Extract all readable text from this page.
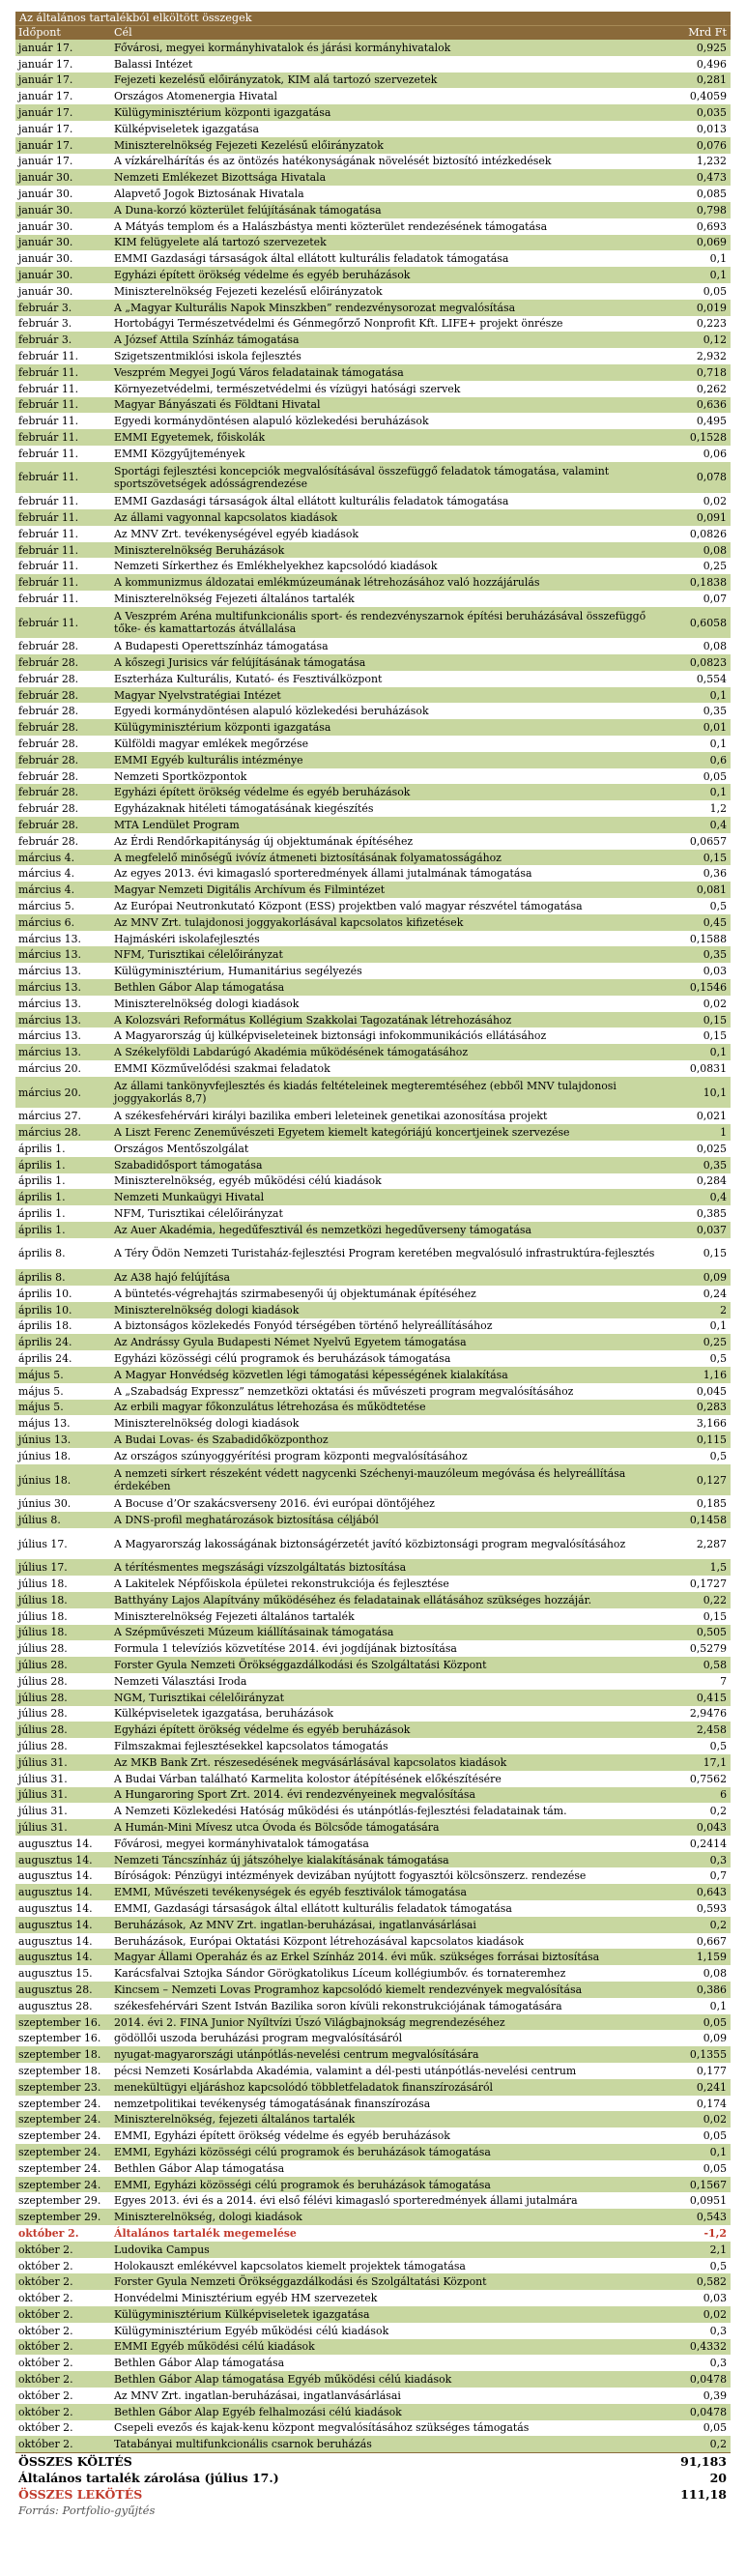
Az általános tartalékból elköltött összegek
Időpont	Cél	Mrd Ft
január 17.	Fővárosi, megyei kormányhivatalok és járási kormányhivatalok	0,925
január 17.	Balassi Intézet	0,496
január 17.	Fejezeti kezelésű előirányzatok, KIM alá tartozó szervezetek	0,281
január 17.	Országos Atomenergia Hivatal	0,4059
január 17.	Külügyminisztérium központi igazgatása	0,035
január 17.	Külképviseletek igazgatása	0,013
január 17.	Miniszterelnökség Fejezeti Kezelésű előirányzatok	0,076
január 17.	A vízkárelhárítás és az öntözés hatékonyságának növelését biztosító intézkedések	1,232
január 30.	Nemzeti Emlékezet Bizottsága Hivatala	0,473
január 30.	Alapvető Jogok Biztosának Hivatala	0,085
január 30.	A Duna-korzó közterület felújításának támogatása	0,798
január 30.	A Mátyás templom és a Halászbástya menti közterület rendezésének támogatása	0,693
január 30.	KIM felügyelete alá tartozó szervezetek	0,069
január 30.	EMMI Gazdasági társaságok által ellátott kulturális feladatok támogatása	0,1
január 30.	Egyházi épített örökség védelme és egyéb beruházások	0,1
január 30.	Miniszterelnökség Fejezeti kezelésű előirányzatok	0,05
február 3.	A „Magyar Kulturális Napok Minszkben” rendezvénysorozat megvalósítása	0,019
február 3.	Hortobágyi Természetvédelmi és Génmegőrző Nonprofit Kft. LIFE+ projekt önrésze	0,223
február 3.	A József Attila Színház támogatása	0,12
február 11.	Szigetszentmiklósi iskola fejlesztés	2,932
február 11.	Veszprém Megyei Jogú Város feladatainak támogatása	0,718
február 11.	Környezetvédelmi, természetvédelmi és vízügyi hatósági szervek	0,262
február 11.	Magyar Bányászati és Földtani Hivatal	0,636
február 11.	Egyedi kormánydöntésen alapuló közlekedési beruházások	0,495
február 11.	EMMI Egyetemek, főiskolák	0,1528
február 11.	EMMI Közgyűjtemények	0,06
február 11.	Sportági fejlesztési koncepciók megvalósításával összefüggő feladatok támogatása, valamint sportszövetségek adósságrendezése	0,078
február 11.	EMMI Gazdasági társaságok által ellátott kulturális feladatok támogatása	0,02
február 11.	Az állami vagyonnal kapcsolatos kiadások	0,091
február 11.	Az MNV Zrt. tevékenységével egyéb kiadások	0,0826
február 11.	Miniszterelnökség Beruházások	0,08
február 11.	Nemzeti Sírkerthez és Emlékhelyekhez kapcsolódó kiadások	0,25
február 11.	A kommunizmus áldozatai emlékmúzeumának létrehozásához való hozzájárulás	0,1838
február 11.	Miniszterelnökség Fejezeti általános tartalék	0,07
február 11.	A Veszprém Aréna multifunkcionális sport- és rendezvényszarnok építési beruházásával összefüggő tőke- és kamattartozás átvállalása	0,6058
február 28.	A Budapesti Operettszínház támogatása	0,08
február 28.	A kőszegi Jurisics vár felújításának támogatása	0,0823
február 28.	Eszterháza Kulturális, Kutató- és Fesztiválközpont	0,554
február 28.	Magyar Nyelvstratégiai Intézet	0,1
február 28.	Egyedi kormánydöntésen alapuló közlekedési beruházások	0,35
február 28.	Külügyminisztérium központi igazgatása	0,01
február 28.	Külföldi magyar emlékek megőrzése	0,1
február 28.	EMMI Egyéb kulturális intézménye	0,6
február 28.	Nemzeti Sportközpontok	0,05
február 28.	Egyházi épített örökség védelme és egyéb beruházások	0,1
február 28.	Egyházaknak hitéleti támogatásának kiegészítés	1,2
február 28.	MTA Lendület Program	0,4
február 28.	Az Érdi Rendőrkapitányság új objektumának építéséhez	0,0657
március 4.	A megfelelő minőségű ivóvíz átmeneti biztosításának folyamatosságához	0,15
március 4.	Az egyes 2013. évi kimagasló sporteredmények állami jutalmának támogatása	0,36
március 4.	Magyar Nemzeti Digitális Archívum és Filmintézet	0,081
március 5.	Az Európai Neutronkutató Központ (ESS) projektben való magyar részvétel támogatása	0,5
március 6.	Az MNV Zrt. tulajdonosi joggyakorlásával kapcsolatos kifizetések	0,45
március 13.	Hajmáskéri iskolafejlesztés	0,1588
március 13.	NFM, Turisztikai célelőirányzat	0,35
március 13.	Külügyminisztérium, Humanitárius segélyezés	0,03
március 13.	Bethlen Gábor Alap támogatása	0,1546
március 13.	Miniszterelnökség dologi kiadások	0,02
március 13.	A Kolozsvári Református Kollégium Szakkolai Tagozatának létrehozásához	0,15
március 13.	A Magyarország új külképviseleteinek biztonsági infokommunikációs ellátásához	0,15
március 13.	A Székelyföldi Labdarúgó Akadémia működésének támogatásához	0,1
március 20.	EMMI Közművelődési szakmai feladatok	0,0831
március 20.	Az állami tankönyvfejlesztés és kiadás feltételeinek megteremtéséhez (ebből MNV tulajdonosi joggyakorlás 8,7)	10,1
március 27.	A székesfehérvári királyi bazilika emberi leleteinek genetikai azonosítása projekt	0,021
március 28.	A Liszt Ferenc Zeneművészeti Egyetem kiemelt kategóriájú koncertjeinek szervezése	1
április 1.	Országos Mentőszolgálat	0,025
április 1.	Szabadidősport támogatása	0,35
április 1.	Miniszterelnökség, egyéb működési célú kiadások	0,284
április 1.	Nemzeti Munkaügyi Hivatal	0,4
április 1.	NFM, Turisztikai célelőirányzat	0,385
április 1.	Az Auer Akadémia, hegedűfesztivál és nemzetközi hegedűverseny támogatása	0,037
április 8.	A Téry Ödön Nemzeti Turistaház-fejlesztési Program keretében megvalósuló infrastruktúra-fejlesztés	0,15
április 8.	Az A38 hajó felújítása	0,09
április 10.	A büntetés-végrehajtás szirmabesenyői új objektumának építéséhez	0,24
április 10.	Miniszterelnökség dologi kiadások	2
április 18.	A biztonságos közlekedés Fonyód térségében történő helyreállításához	0,1
április 24.	Az Andrássy Gyula Budapesti Német Nyelvű Egyetem támogatása	0,25
április 24.	Egyházi közösségi célú programok és beruházások támogatása	0,5
május 5.	A Magyar Honvédség közvetlen légi támogatási képességének kialakítása	1,16
május 5.	A „Szabadság Expressz” nemzetközi oktatási és művészeti program megvalósításához	0,045
május 5.	Az erbili magyar főkonzulátus létrehozása és működtetése	0,283
május 13.	Miniszterelnökség dologi kiadások	3,166
június 13.	A Budai Lovas- és Szabadidőközponthoz	0,115
június 18.	Az országos szúnyoggyérítési program központi megvalósításához	0,5
június 18.	A nemzeti sírkert részeként védett nagycenki Széchenyi-mauzóleum megóvása és helyreállítása érdekében	0,127
június 30.	A Bocuse d’Or szakácsverseny 2016. évi európai döntőjéhez	0,185
július 8.	A DNS-profil meghatározások biztosítása céljából	0,1458
július 17.	A Magyarország lakosságának biztonságérzetét javító közbiztonsági program megvalósításához	2,287
július 17.	A térítésmentes megszásági vízszolgáltatás biztosítása	1,5
július 18.	A Lakitelek Népfőiskola épületei rekonstrukciója és fejlesztése	0,1727
július 18.	Batthyány Lajos Alapítvány működéséhez és feladatainak ellátásához szükséges hozzájár.	0,22
július 18.	Miniszterelnökség Fejezeti általános tartalék	0,15
július 18.	A Szépművészeti Múzeum kiállításainak támogatása	0,505
július 28.	Formula 1 televíziós közvetítése 2014. évi jogdíjának biztosítása	0,5279
július 28.	Forster Gyula Nemzeti Örökséggazdálkodási és Szolgáltatási Központ	0,58
július 28.	Nemzeti Választási Iroda	7
július 28.	NGM, Turisztikai célelőirányzat	0,415
július 28.	Külképviseletek igazgatása, beruházások	2,9476
július 28.	Egyházi épített örökség védelme és egyéb beruházások	2,458
július 28.	Filmszakmai fejlesztésekkel kapcsolatos támogatás	0,5
július 31.	Az MKB Bank Zrt. részesedésének megvásárlásával kapcsolatos kiadások	17,1
július 31.	A Budai Várban található Karmelita kolostor átépítésének előkészítésére	0,7562
július 31.	A Hungaroring Sport Zrt. 2014. évi rendezvényeinek megvalósítása	6
július 31.	A Nemzeti Közlekedési Hatóság működési és utánpótlás-fejlesztési feladatainak tám.	0,2
július 31.	A Humán-Mini Mívesz utca Óvoda és Bölcsőde támogatására	0,043
augusztus 14.	Fővárosi, megyei kormányhivatalok támogatása	0,2414
augusztus 14.	Nemzeti Táncszínház új játszóhelye kialakításának támogatása	0,3
augusztus 14.	Bíróságok: Pénzügyi intézmények devizában nyújtott fogyasztói kölcsönszerz. rendezése	0,7
augusztus 14.	EMMI, Művészeti tevékenységek és egyéb fesztiválok támogatása	0,643
augusztus 14.	EMMI, Gazdasági társaságok által ellátott kulturális feladatok támogatása	0,593
augusztus 14.	Beruházások, Az MNV Zrt. ingatlan-beruházásai, ingatlanvásárlásai	0,2
augusztus 14.	Beruházások, Európai Oktatási Központ létrehozásával kapcsolatos kiadások	0,667
augusztus 14.	Magyar Állami Operaház és az Erkel Színház 2014. évi műk. szükséges forrásai biztosítása	1,159
augusztus 15.	Karácsfalvai Sztojka Sándor Görögkatolikus Líceum kollégiumbőv. és tornateremhez	0,08
augusztus 28.	Kincsem – Nemzeti Lovas Programhoz kapcsolódó kiemelt rendezvények megvalósítása	0,386
augusztus 28.	székesfehérvári Szent István Bazilika soron kívüli rekonstrukciójának támogatására	0,1
szeptember 16.	2014. évi 2. FINA Junior Nyíltvízi Úszó Világbajnokság megrendezéséhez	0,05
szeptember 16.	gödöllői uszoda beruházási program megvalósításáról	0,09
szeptember 18.	nyugat-magyarországi utánpótlás-nevelési centrum megvalósítására	0,1355
szeptember 18.	pécsi Nemzeti Kosárlabda Akadémia, valamint a dél-pesti utánpótlás-nevelési centrum	0,177
szeptember 23.	menekültügyi eljáráshoz kapcsolódó többletfeladatok finanszírozásáról	0,241
szeptember 24.	nemzetpolitikai tevékenység támogatásának finanszírozása	0,174
szeptember 24.	Miniszterelnökség, fejezeti általános tartalék	0,02
szeptember 24.	EMMI, Egyházi épített örökség védelme és egyéb beruházások	0,05
szeptember 24.	EMMI, Egyházi közösségi célú programok és beruházások támogatása	0,1
szeptember 24.	Bethlen Gábor Alap támogatása	0,05
szeptember 24.	EMMI, Egyházi közösségi célú programok és beruházások támogatása	0,1567
szeptember 29.	Egyes 2013. évi és a 2014. évi első félévi kimagasló sporteredmények állami jutalmára	0,0951
szeptember 29.	Miniszterelnökség, dologi kiadások	0,543
október 2.	Általános tartalék megemelése	-1,2
október 2.	Ludovika Campus	2,1
október 2.	Holokauszt emlékévvel kapcsolatos kiemelt projektek támogatása	0,5
október 2.	Forster Gyula Nemzeti Örökséggazdálkodási és Szolgáltatási Központ	0,582
október 2.	Honvédelmi Minisztérium egyéb HM szervezetek	0,03
október 2.	Külügyminisztérium Külképviseletek igazgatása	0,02
október 2.	Külügyminisztérium Egyéb működési célú kiadások	0,3
október 2.	EMMI Egyéb működési célú kiadások	0,4332
október 2.	Bethlen Gábor Alap támogatása	0,3
október 2.	Bethlen Gábor Alap támogatása Egyéb működési célú kiadások	0,0478
október 2.	Az MNV Zrt. ingatlan-beruházásai, ingatlanvásárlásai	0,39
október 2.	Bethlen Gábor Alap Egyéb felhalmozási célú kiadások	0,0478
október 2.	Csepeli evezős és kajak-kenu központ megvalósításához szükséges támogatás	0,05
október 2.	Tatabányai multifunkcionális csarnok beruházás	0,2
ÖSSZES KÖLTÉS	91,183
Általános tartalék zárolása (július 17.)	20
ÖSSZES LEKÖTÉS	111,18
Forrás: Portfolio-gyűjtés
